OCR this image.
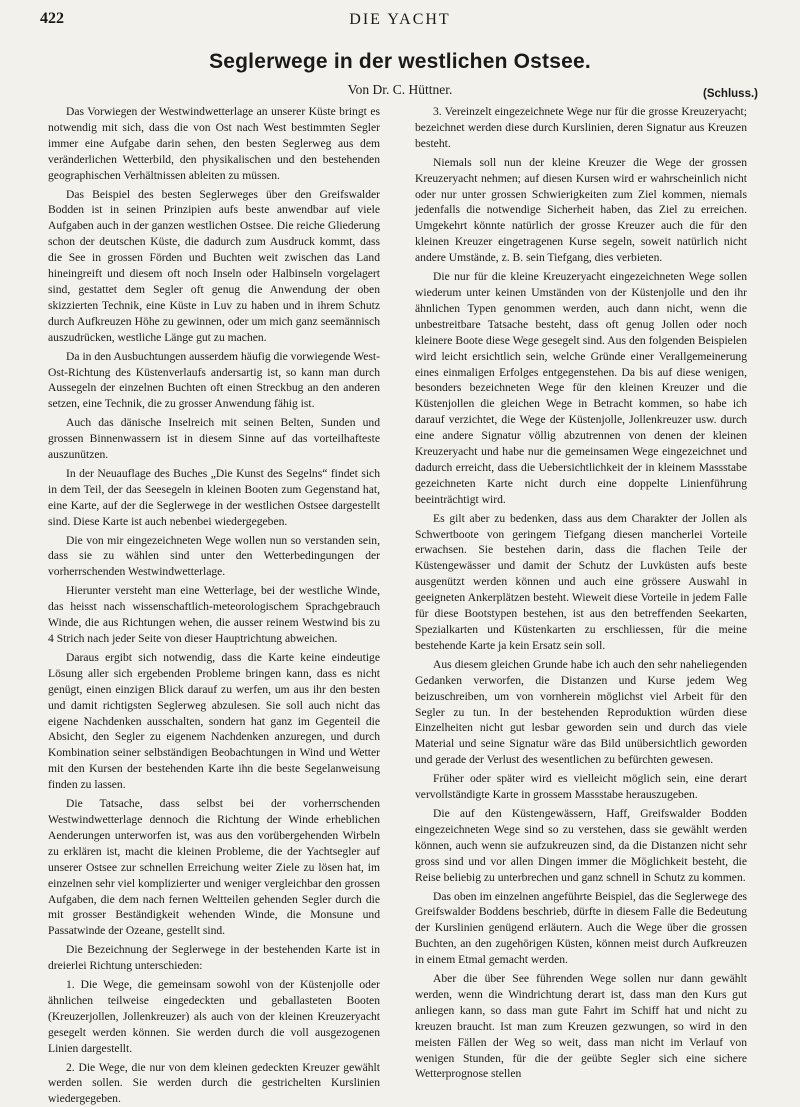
422	DIE YACHT
Seglerwege in der westlichen Ostsee.
Von Dr. C. Hüttner.	(Schluss.)

Das Vorwiegen der Westwindwetterlage an unserer Küste bringt es notwendig mit sich, dass die von Ost nach West bestimmten Segler immer eine Aufgabe darin sehen, den besten Seglerweg aus dem veränderlichen Wetterbild, den physikalischen und den bestehenden geographischen Verhältnissen ableiten zu müssen.

Das Beispiel des besten Seglerweges über den Greifswalder Bodden ist in seinen Prinzipien aufs beste anwendbar auf viele Aufgaben auch in der ganzen westlichen Ostsee. Die reiche Gliederung schon der deutschen Küste, die dadurch zum Ausdruck kommt, dass die See in grossen Förden und Buchten weit zwischen das Land hineingreift und diesem oft noch Inseln oder Halbinseln vorgelagert sind, gestattet dem Segler oft genug die Anwendung der oben skizzierten Technik, eine Küste in Luv zu haben und in ihrem Schutz durch Aufkreuzen Höhe zu gewinnen, oder um mich ganz seemännisch auszudrücken, westliche Länge gut zu machen.

Da in den Ausbuchtungen ausserdem häufig die vorwiegende West-Ost-Richtung des Küstenverlaufs andersartig ist, so kann man durch Aussegeln der einzelnen Buchten oft einen Streckbug an den anderen setzen, eine Technik, die zu grosser Anwendung fähig ist.

Auch das dänische Inselreich mit seinen Belten, Sunden und grossen Binnenwassern ist in diesem Sinne auf das vorteilhafteste auszunützen.

In der Neuauflage des Buches „Die Kunst des Segelns“ findet sich in dem Teil, der das Seesegeln in kleinen Booten zum Gegenstand hat, eine Karte, auf der die Seglerwege in der westlichen Ostsee dargestellt sind. Diese Karte ist auch nebenbei wiedergegeben.

Die von mir eingezeichneten Wege wollen nun so verstanden sein, dass sie zu wählen sind unter den Wetterbedingungen der vorherrschenden Westwindwetterlage.

Hierunter versteht man eine Wetterlage, bei der westliche Winde, das heisst nach wissenschaftlich-meteorologischem Sprachgebrauch Winde, die aus Richtungen wehen, die ausser reinem Westwind bis zu 4 Strich nach jeder Seite von dieser Hauptrichtung abweichen.

Daraus ergibt sich notwendig, dass die Karte keine eindeutige Lösung aller sich ergebenden Probleme bringen kann, dass es nicht genügt, einen einzigen Blick darauf zu werfen, um aus ihr den besten und damit richtigsten Seglerweg abzulesen. Sie soll auch nicht das eigene Nachdenken ausschalten, sondern hat ganz im Gegenteil die Absicht, den Segler zu eigenem Nachdenken anzuregen, und durch Kombination seiner selbständigen Beobachtungen in Wind und Wetter mit den Kursen der bestehenden Karte ihn die beste Segelanweisung finden zu lassen.

Die Tatsache, dass selbst bei der vorherrschenden Westwindwetterlage dennoch die Richtung der Winde erheblichen Aenderungen unterworfen ist, was aus den vorübergehenden Wirbeln zu erklären ist, macht die kleinen Probleme, die der Yachtsegler auf unserer Ostsee zur schnellen Erreichung weiter Ziele zu lösen hat, im einzelnen sehr viel komplizierter und weniger vergleichbar den grossen Aufgaben, die dem nach fernen Weltteilen gehenden Segler durch die mit grosser Beständigkeit wehenden Winde, die Monsune und Passatwinde der Ozeane, gestellt sind.

Die Bezeichnung der Seglerwege in der bestehenden Karte ist in dreierlei Richtung unterschieden:

1. Die Wege, die gemeinsam sowohl von der Küstenjolle oder ähnlichen teilweise eingedeckten und geballasteten Booten (Kreuzerjollen, Jollenkreuzer) als auch von der kleinen Kreuzeryacht gesegelt werden können. Sie werden durch die voll ausgezogenen Linien dargestellt.

2. Die Wege, die nur von dem kleinen gedeckten Kreuzer gewählt werden sollen. Sie werden durch die gestrichelten Kurslinien wiedergegeben.

3. Vereinzelt eingezeichnete Wege nur für die grosse Kreuzeryacht; bezeichnet werden diese durch Kurslinien, deren Signatur aus Kreuzen besteht.

Niemals soll nun der kleine Kreuzer die Wege der grossen Kreuzeryacht nehmen; auf diesen Kursen wird er wahrscheinlich nicht oder nur unter grossen Schwierigkeiten zum Ziel kommen, niemals jedenfalls die notwendige Sicherheit haben, das Ziel zu erreichen. Umgekehrt könnte natürlich der grosse Kreuzer auch die für den kleinen Kreuzer eingetragenen Kurse segeln, soweit natürlich nicht andere Umstände, z. B. sein Tiefgang, dies verbieten.

Die nur für die kleine Kreuzeryacht eingezeichneten Wege sollen wiederum unter keinen Umständen von der Küstenjolle und den ihr ähnlichen Typen genommen werden, auch dann nicht, wenn die unbestreitbare Tatsache besteht, dass oft genug Jollen oder noch kleinere Boote diese Wege gesegelt sind. Aus den folgenden Beispielen wird leicht ersichtlich sein, welche Gründe einer Verallgemeinerung eines einmaligen Erfolges entgegenstehen. Da bis auf diese wenigen, besonders bezeichneten Wege für den kleinen Kreuzer und die Küstenjollen die gleichen Wege in Betracht kommen, so habe ich darauf verzichtet, die Wege der Küstenjolle, Jollenkreuzer usw. durch eine andere Signatur völlig abzutrennen von denen der kleinen Kreuzeryacht und habe nur die gemeinsamen Wege eingezeichnet und dadurch erreicht, dass die Uebersichtlichkeit der in kleinem Massstabe gezeichneten Karte nicht durch eine doppelte Linienführung beeinträchtigt wird.

Es gilt aber zu bedenken, dass aus dem Charakter der Jollen als Schwertboote von geringem Tiefgang diesen mancherlei Vorteile erwachsen. Sie bestehen darin, dass die flachen Teile der Küstengewässer und damit der Schutz der Luvküsten aufs beste ausgenützt werden können und auch eine grössere Auswahl in geeigneten Ankerplätzen besteht. Wieweit diese Vorteile in jedem Falle für diese Bootstypen bestehen, ist aus den betreffenden Seekarten, Spezialkarten und Küstenkarten zu erschliessen, für die meine bestehende Karte ja kein Ersatz sein soll.

Aus diesem gleichen Grunde habe ich auch den sehr naheliegenden Gedanken verworfen, die Distanzen und Kurse jedem Weg beizuschreiben, um von vornherein möglichst viel Arbeit für den Segler zu tun. In der bestehenden Reproduktion würden diese Einzelheiten nicht gut lesbar geworden sein und durch das viele Material und seine Signatur wäre das Bild unübersichtlich geworden und gerade der Verlust des wesentlichen zu befürchten gewesen.

Früher oder später wird es vielleicht möglich sein, eine derart vervollständigte Karte in grossem Massstabe herauszugeben.

Die auf den Küstengewässern, Haff, Greifswalder Bodden eingezeichneten Wege sind so zu verstehen, dass sie gewählt werden können, auch wenn sie aufzukreuzen sind, da die Distanzen nicht sehr gross sind und vor allen Dingen immer die Möglichkeit besteht, die Reise beliebig zu unterbrechen und ganz schnell in Schutz zu kommen.

Das oben im einzelnen angeführte Beispiel, das die Seglerwege des Greifswalder Boddens beschrieb, dürfte in diesem Falle die Bedeutung der Kurslinien genügend erläutern. Auch die Wege über die grossen Buchten, an den zugehörigen Küsten, können meist durch Aufkreuzen in einem Etmal gemacht werden.

Aber die über See führenden Wege sollen nur dann gewählt werden, wenn die Windrichtung derart ist, dass man den Kurs gut anliegen kann, so dass man gute Fahrt im Schiff hat und nicht zu kreuzen braucht. Ist man zum Kreuzen gezwungen, so wird in den meisten Fällen der Weg so weit, dass man nicht im Verlauf von wenigen Stunden, für die der geübte Segler sich eine sichere Wetterprognose stellen
